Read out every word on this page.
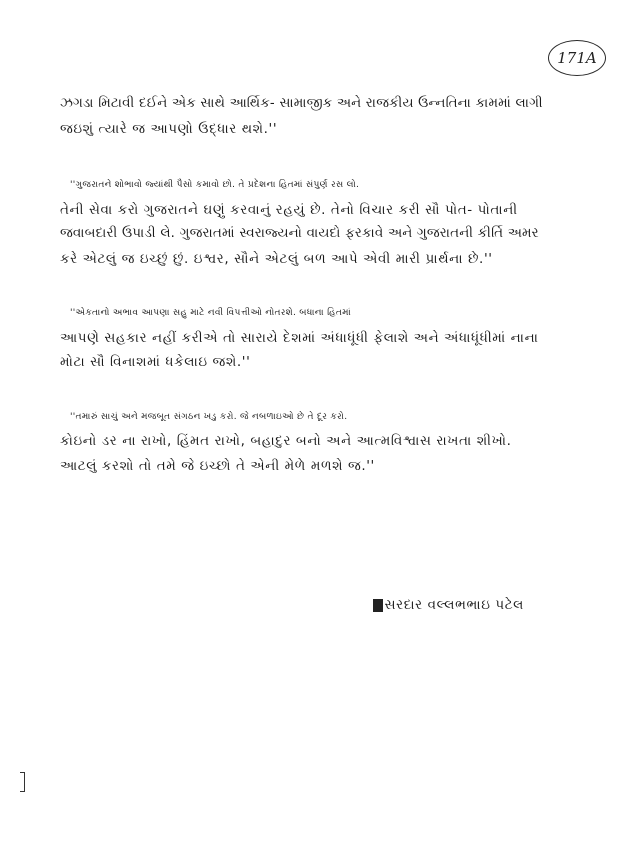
171A

ઝગડા મિટાવી દઈને એક સાથે આર્થિક- સામાજીક અને રાજકીય ઉન્નતિના કામમાં લાગી
જઇશું ત્યારે જ આપણો ઉદ્ધાર થશે.''

''ગુજરાતને શોભાવો જ્યાંથી પૈસો કમાવો છો. તે પ્રદેશના હિતમાં સંપુર્ણ રસ લો.
તેની સેવા કરો ગુજરાતને ઘણું કરવાનું રહયું છે. તેનો વિચાર કરી સૌ પોત- પોતાની
જવાબદારી ઉપાડી લે. ગુજરાતમાં સ્વરાજ્યનો વાયદો ફરકાવે અને ગુજરાતની કીર્તિ અમર
કરે એટલું જ ઇચ્છું છું. ઇશ્વર, સૌને એટલું બળ આપે એવી મારી પ્રાર્થના છે.''

''એકતાનો અભાવ આપણા સહુ માટે નવી વિપત્તીઓ નોતરશે. બધાના હિતમાં
આપણે સહકાર નહીં કરીએ તો સારાયે દેશમાં અંધાધૂંધી ફેલાશે અને અંધાધૂંધીમાં નાના
મોટા સૌ વિનાશમાં ધકેલાઇ જશે.''

''તમારું સાચું અને મજબૂત સંગઠન ખડુ કરો. જે નબળાઇઓ છે તે દૂર કરો.
કોઇનો ડર ના રાખો, હિંમત રાખો, બહાદુર બનો અને આત્મવિશ્વાસ રાખતા શીખો.
આટલું કરશો તો તમે જે ઇચ્છો તે એની મેળે મળશે જ.''

સરદાર વલ્લભભાઇ પટેલ
